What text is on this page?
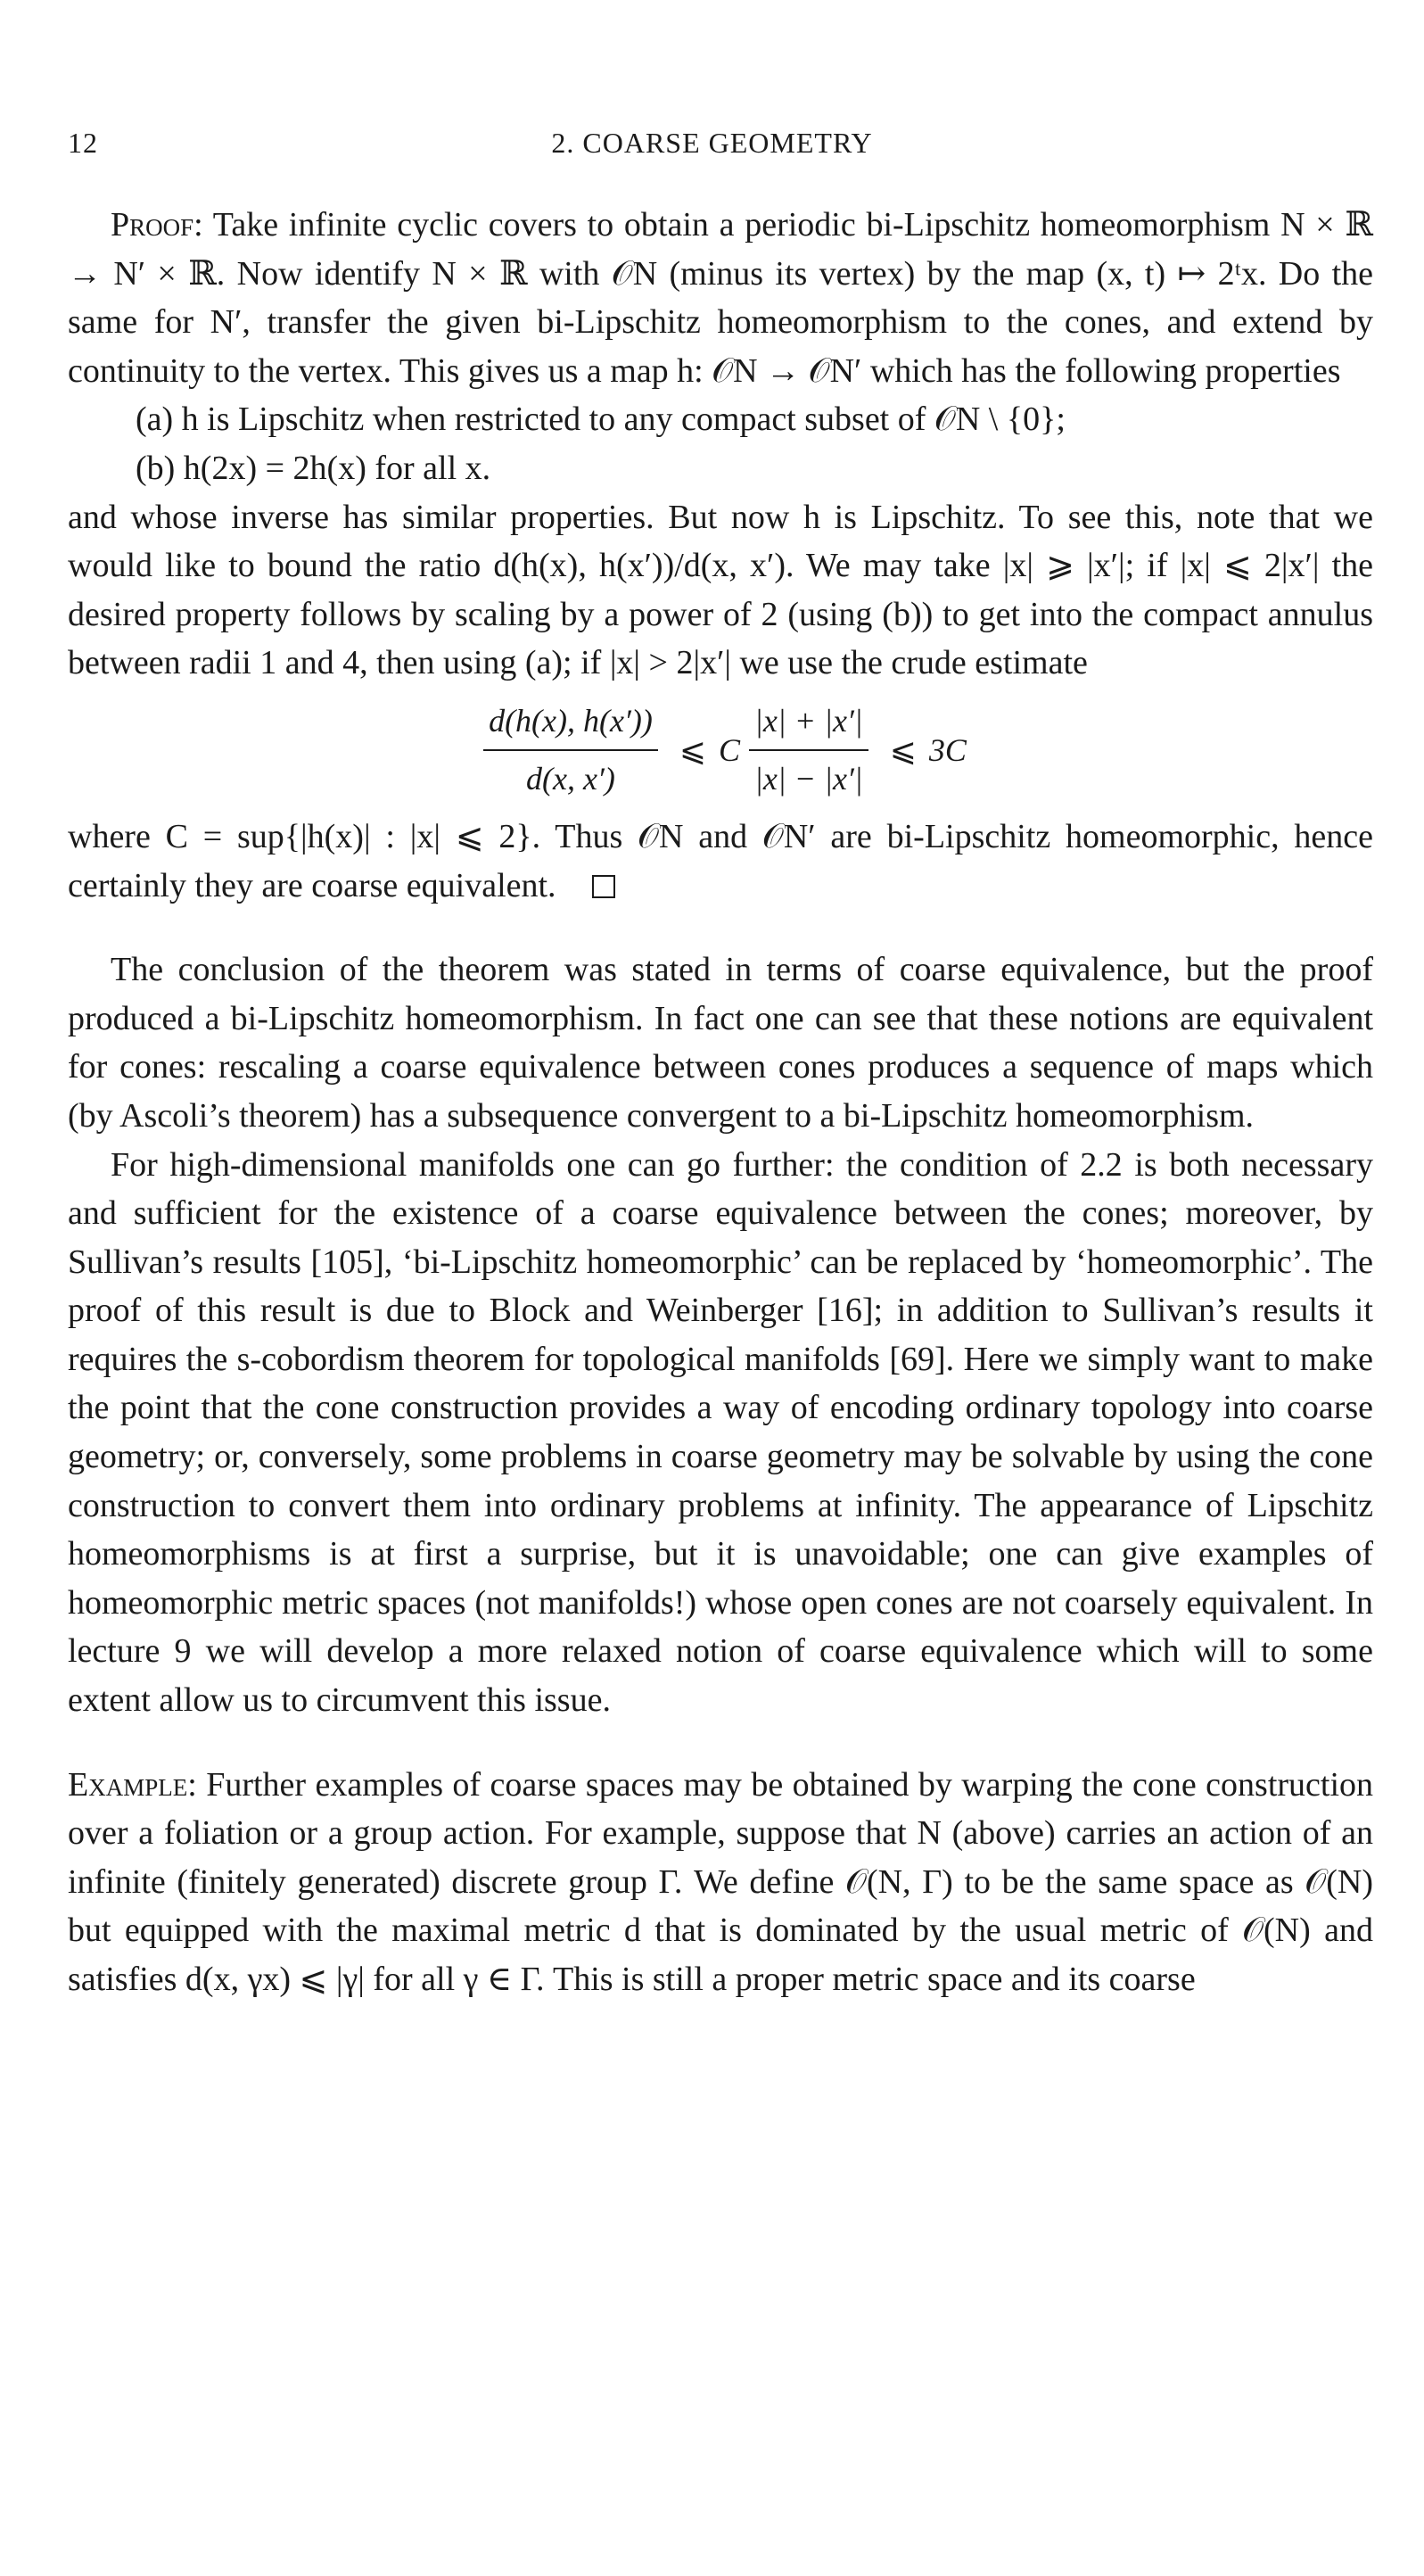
12	2. COARSE GEOMETRY

Proof: Take infinite cyclic covers to obtain a periodic bi-Lipschitz homeomorphism N × ℝ → N′ × ℝ. Now identify N × ℝ with 𝒪N (minus its vertex) by the map (x, t) ↦ 2ᵗx. Do the same for N′, transfer the given bi-Lipschitz homeomorphism to the cones, and extend by continuity to the vertex. This gives us a map h: 𝒪N → 𝒪N′ which has the following properties

(a) h is Lipschitz when restricted to any compact subset of 𝒪N \ {0};

(b) h(2x) = 2h(x) for all x.

and whose inverse has similar properties. But now h is Lipschitz. To see this, note that we would like to bound the ratio d(h(x), h(x′))/d(x, x′). We may take |x| ⩾ |x′|; if |x| ⩽ 2|x′| the desired property follows by scaling by a power of 2 (using (b)) to get into the compact annulus between radii 1 and 4, then using (a); if |x| > 2|x′| we use the crude estimate

$\frac{d(h(x), h(x'))}{d(x, x')}$ ⩽ C $\frac{|x| + |x'|}{|x| - |x'|}$ ⩽ 3C

where C = sup{|h(x)| : |x| ⩽ 2}. Thus 𝒪N and 𝒪N′ are bi-Lipschitz homeomorphic, hence certainly they are coarse equivalent.

The conclusion of the theorem was stated in terms of coarse equivalence, but the proof produced a bi-Lipschitz homeomorphism. In fact one can see that these notions are equivalent for cones: rescaling a coarse equivalence between cones produces a sequence of maps which (by Ascoli’s theorem) has a subsequence convergent to a bi-Lipschitz homeomorphism.

For high-dimensional manifolds one can go further: the condition of 2.2 is both necessary and sufficient for the existence of a coarse equivalence between the cones; moreover, by Sullivan’s results [105], ‘bi-Lipschitz homeomorphic’ can be replaced by ‘homeomorphic’. The proof of this result is due to Block and Weinberger [16]; in addition to Sullivan’s results it requires the s-cobordism theorem for topological manifolds [69]. Here we simply want to make the point that the cone construction provides a way of encoding ordinary topology into coarse geometry; or, conversely, some problems in coarse geometry may be solvable by using the cone construction to convert them into ordinary problems at infinity. The appearance of Lipschitz homeomorphisms is at first a surprise, but it is unavoidable; one can give examples of homeomorphic metric spaces (not manifolds!) whose open cones are not coarsely equivalent. In lecture 9 we will develop a more relaxed notion of coarse equivalence which will to some extent allow us to circumvent this issue.

Example: Further examples of coarse spaces may be obtained by warping the cone construction over a foliation or a group action. For example, suppose that N (above) carries an action of an infinite (finitely generated) discrete group Γ. We define 𝒪(N, Γ) to be the same space as 𝒪(N) but equipped with the maximal metric d that is dominated by the usual metric of 𝒪(N) and satisfies d(x, γx) ⩽ |γ| for all γ ∈ Γ. This is still a proper metric space and its coarse
